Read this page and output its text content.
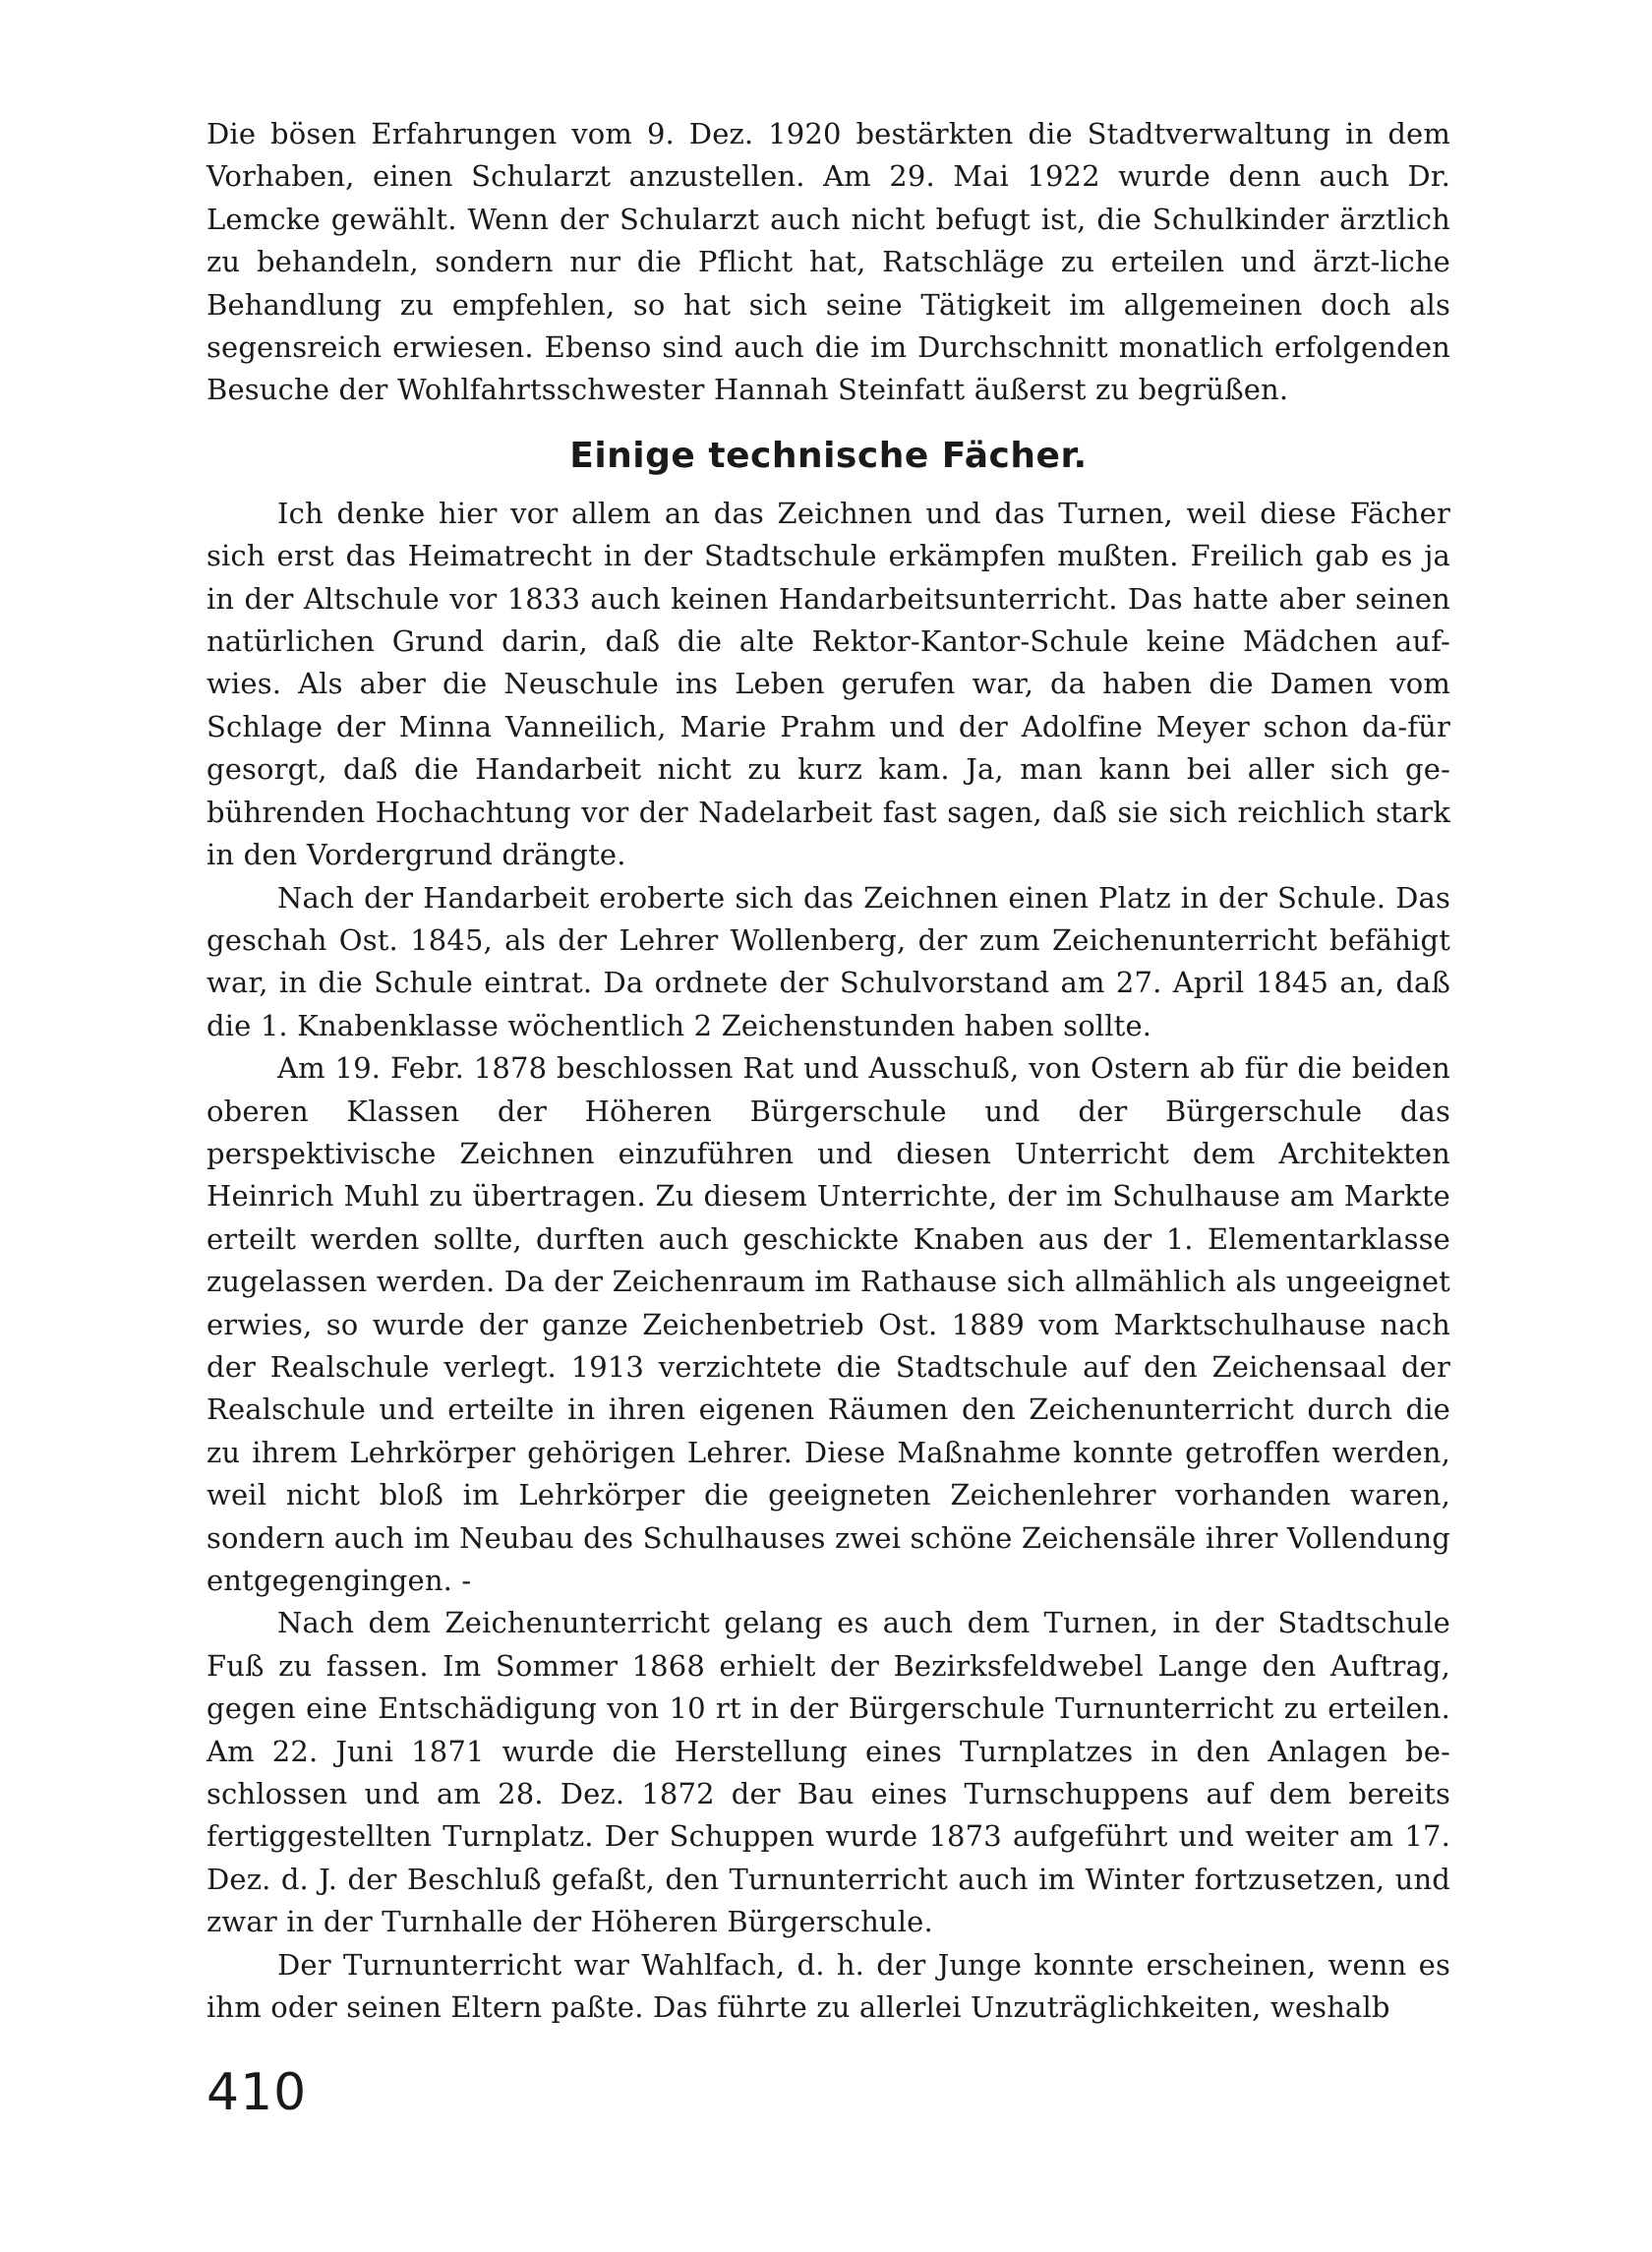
Die bösen Erfahrungen vom 9. Dez. 1920 bestärkten die Stadtverwaltung in dem Vorhaben, einen Schularzt anzustellen. Am 29. Mai 1922 wurde denn auch Dr. Lemcke gewählt. Wenn der Schularzt auch nicht befugt ist, die Schulkinder ärztlich zu behandeln, sondern nur die Pflicht hat, Ratschläge zu erteilen und ärzt-liche Behandlung zu empfehlen, so hat sich seine Tätigkeit im allgemeinen doch als segensreich erwiesen. Ebenso sind auch die im Durchschnitt monatlich erfolgenden Besuche der Wohlfahrtsschwester Hannah Steinfatt äußerst zu begrüßen.

Einige technische Fächer.

Ich denke hier vor allem an das Zeichnen und das Turnen, weil diese Fächer sich erst das Heimatrecht in der Stadtschule erkämpfen mußten. Freilich gab es ja in der Altschule vor 1833 auch keinen Handarbeitsunterricht. Das hatte aber seinen natürlichen Grund darin, daß die alte Rektor-Kantor-Schule keine Mädchen auf-wies. Als aber die Neuschule ins Leben gerufen war, da haben die Damen vom Schlage der Minna Vanneilich, Marie Prahm und der Adolfine Meyer schon da-für gesorgt, daß die Handarbeit nicht zu kurz kam. Ja, man kann bei aller sich ge-bührenden Hochachtung vor der Nadelarbeit fast sagen, daß sie sich reichlich stark in den Vordergrund drängte.

Nach der Handarbeit eroberte sich das Zeichnen einen Platz in der Schule. Das geschah Ost. 1845, als der Lehrer Wollenberg, der zum Zeichenunterricht befähigt war, in die Schule eintrat. Da ordnete der Schulvorstand am 27. April 1845 an, daß die 1. Knabenklasse wöchentlich 2 Zeichenstunden haben sollte.

Am 19. Febr. 1878 beschlossen Rat und Ausschuß, von Ostern ab für die beiden oberen Klassen der Höheren Bürgerschule und der Bürgerschule das perspektivische Zeichnen einzuführen und diesen Unterricht dem Architekten Heinrich Muhl zu übertragen. Zu diesem Unterrichte, der im Schulhause am Markte erteilt werden sollte, durften auch geschickte Knaben aus der 1. Elementarklasse zugelassen werden. Da der Zeichenraum im Rathause sich allmählich als ungeeignet erwies, so wurde der ganze Zeichenbetrieb Ost. 1889 vom Marktschulhause nach der Realschule verlegt. 1913 verzichtete die Stadtschule auf den Zeichensaal der Realschule und erteilte in ihren eigenen Räumen den Zeichenunterricht durch die zu ihrem Lehrkörper gehörigen Lehrer. Diese Maßnahme konnte getroffen werden, weil nicht bloß im Lehrkörper die geeigneten Zeichenlehrer vorhanden waren, sondern auch im Neubau des Schulhauses zwei schöne Zeichensäle ihrer Vollendung entgegengingen. -

Nach dem Zeichenunterricht gelang es auch dem Turnen, in der Stadtschule Fuß zu fassen. Im Sommer 1868 erhielt der Bezirksfeldwebel Lange den Auftrag, gegen eine Entschädigung von 10 rt in der Bürgerschule Turnunterricht zu erteilen. Am 22. Juni 1871 wurde die Herstellung eines Turnplatzes in den Anlagen be-schlossen und am 28. Dez. 1872 der Bau eines Turnschuppens auf dem bereits fertiggestellten Turnplatz. Der Schuppen wurde 1873 aufgeführt und weiter am 17. Dez. d. J. der Beschluß gefaßt, den Turnunterricht auch im Winter fortzusetzen, und zwar in der Turnhalle der Höheren Bürgerschule.

Der Turnunterricht war Wahlfach, d. h. der Junge konnte erscheinen, wenn es ihm oder seinen Eltern paßte. Das führte zu allerlei Unzuträglichkeiten, weshalb

410
